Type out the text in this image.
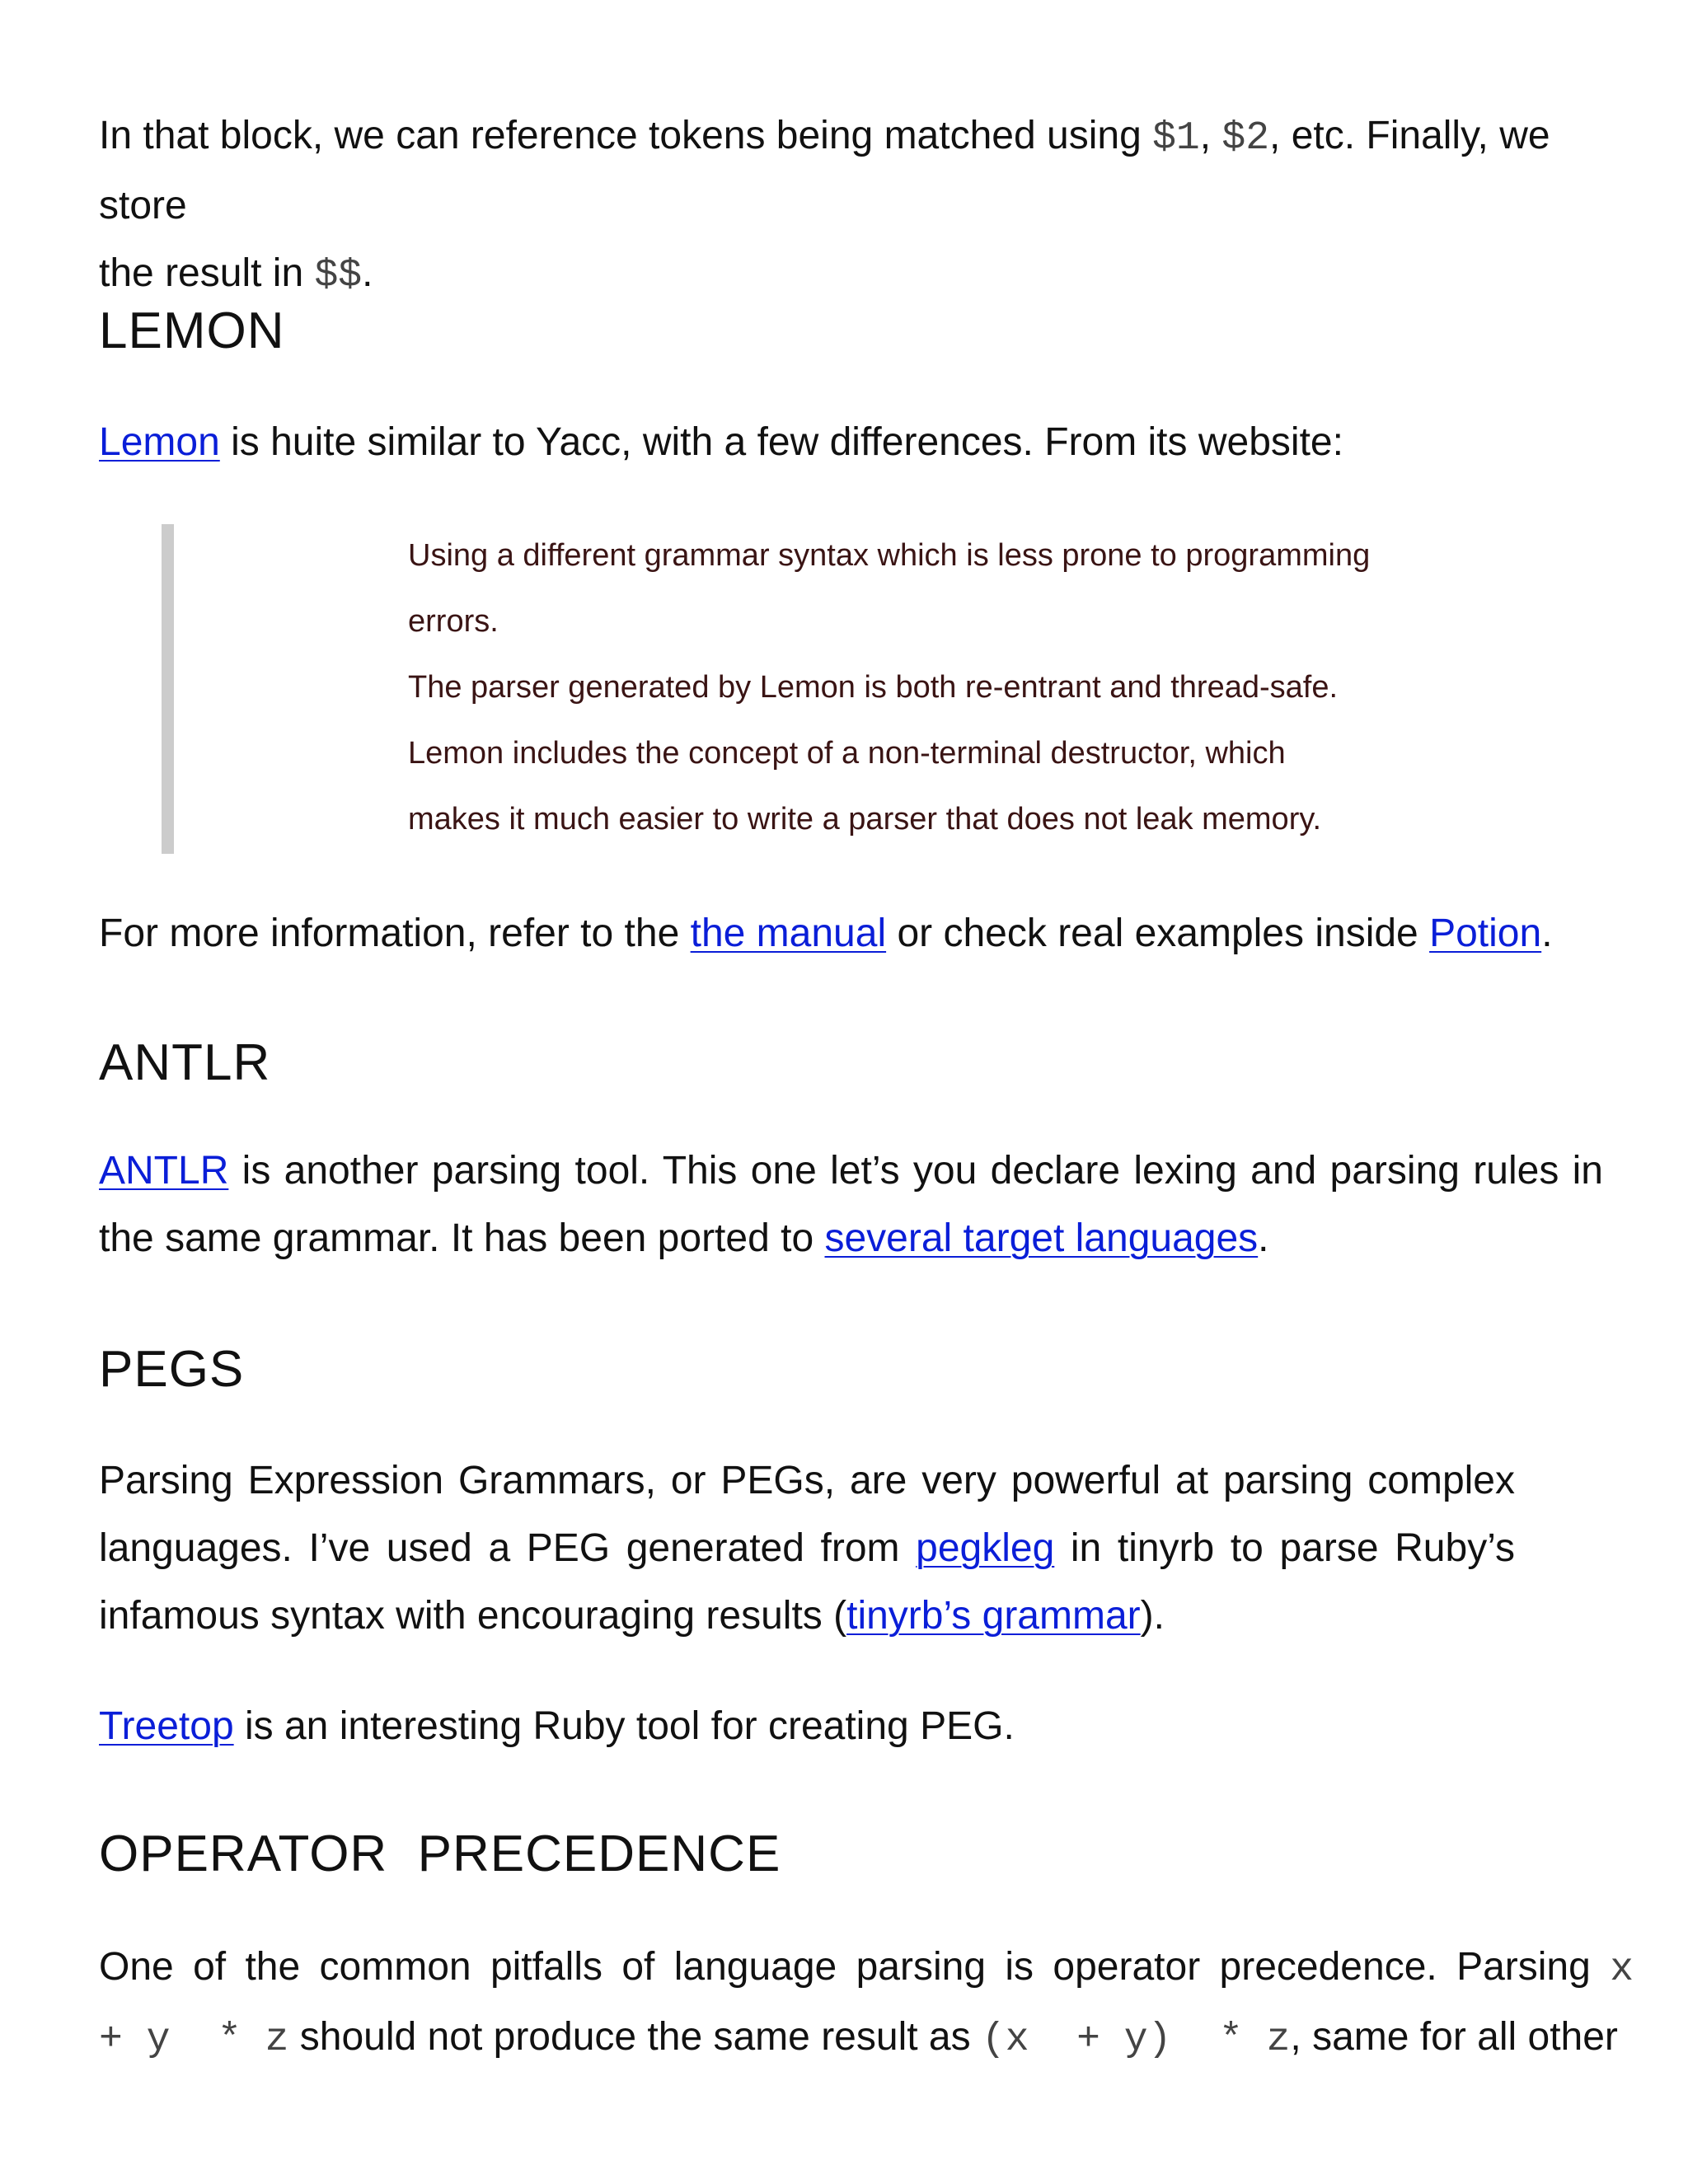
In that block, we can reference tokens being matched using $1, $2, etc. Finally, we store
the result in $$.

LEMON

Lemon is huite similar to Yacc, with a few differences. From its website:

Using a different grammar syntax which is less prone to programming
errors.
The parser generated by Lemon is both re-entrant and thread-safe.
Lemon includes the concept of a non-terminal destructor, which
makes it much easier to write a parser that does not leak memory.

For more information, refer to the the manual or check real examples inside Potion.

ANTLR

ANTLR is another parsing tool. This one let’s you declare lexing and parsing rules in
the same grammar. It has been ported to several target languages.

PEGS

Parsing Expression Grammars, or PEGs, are very powerful at parsing complex
languages. I’ve used a PEG generated from pegkleg in tinyrb to parse Ruby’s
infamous syntax with encouraging results (tinyrb’s grammar).

Treetop is an interesting Ruby tool for creating PEG.

OPERATOR  PRECEDENCE

One of the common pitfalls of language parsing is operator precedence. Parsing x
+ y  * z should not produce the same result as (x  + y)  * z, same for all other
